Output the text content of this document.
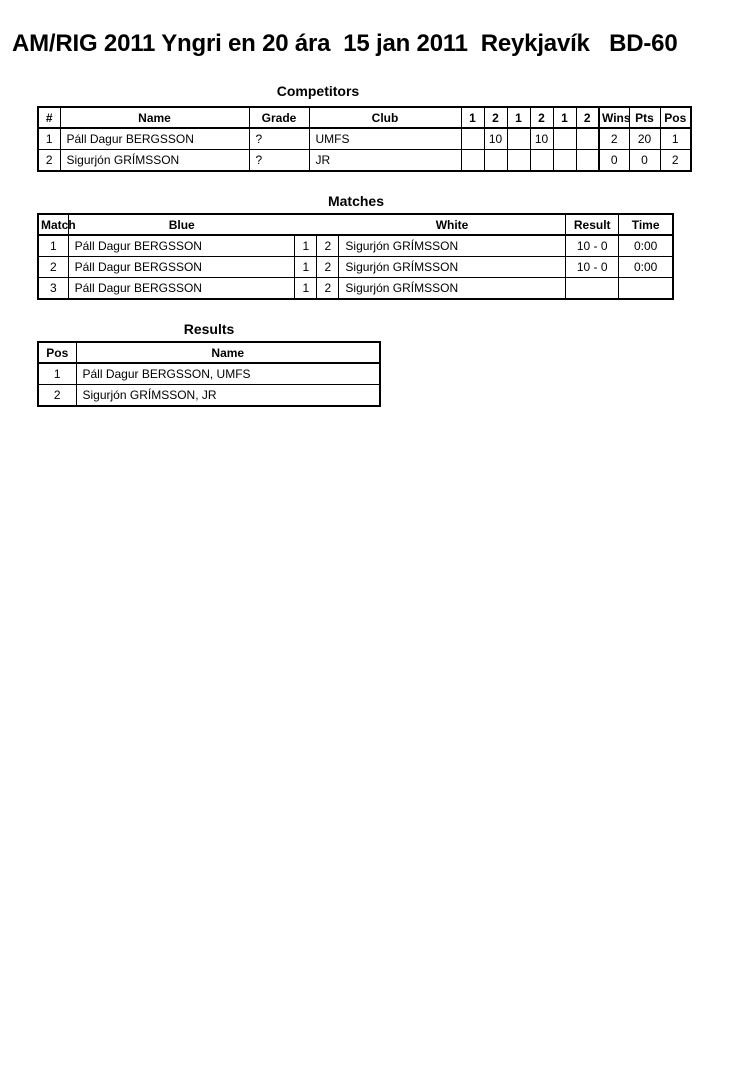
AM/RIG 2011 Yngri en 20 ára  15 jan 2011  Reykjavík   BD-60
Competitors
#	Name	Grade	Club	1	2	1	2	1	2	Wins	Pts	Pos
1	Páll Dagur BERGSSON	?	UMFS		10		10			2	20	1
2	Sigurjón GRÍMSSON	?	JR							0	0	2
Matches
Match	Blue			White	Result	Time
1	Páll Dagur BERGSSON	1	2	Sigurjón GRÍMSSON	10 - 0	0:00
2	Páll Dagur BERGSSON	1	2	Sigurjón GRÍMSSON	10 - 0	0:00
3	Páll Dagur BERGSSON	1	2	Sigurjón GRÍMSSON		
Results
Pos	Name
1	Páll Dagur BERGSSON, UMFS
2	Sigurjón GRÍMSSON, JR
